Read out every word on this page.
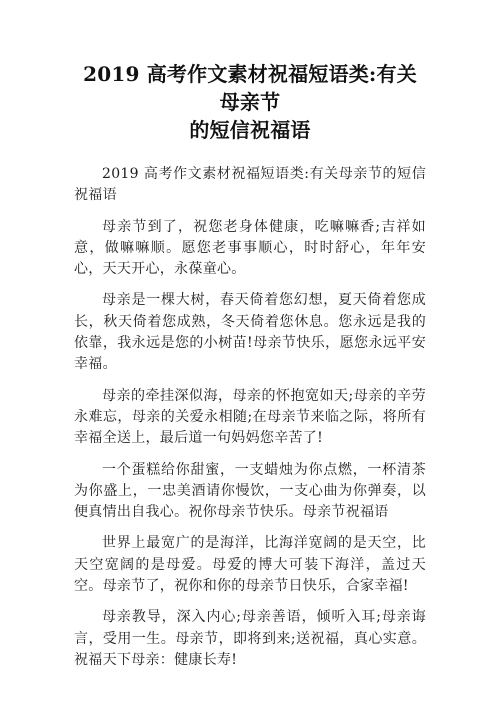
2019 高考作文素材祝福短语类:有关母亲节
的短信祝福语

2019 高考作文素材祝福短语类:有关母亲节的短信祝福语

母亲节到了，祝您老身体健康，吃嘛嘛香;吉祥如意，做嘛嘛顺。愿您老事事顺心，时时舒心，年年安心，天天开心，永葆童心。

母亲是一棵大树，春天倚着您幻想，夏天倚着您成长，秋天倚着您成熟，冬天倚着您休息。您永远是我的依靠，我永远是您的小树苗!母亲节快乐，愿您永远平安幸福。

母亲的牵挂深似海，母亲的怀抱宽如天;母亲的辛劳永难忘，母亲的关爱永相随;在母亲节来临之际，将所有幸福全送上，最后道一句妈妈您辛苦了!

一个蛋糕给你甜蜜，一支蜡烛为你点燃，一杯清茶为你盛上，一忠美酒请你慢饮，一支心曲为你弹奏，以便真情出自我心。祝你母亲节快乐。母亲节祝福语

世界上最宽广的是海洋，比海洋宽阔的是天空，比天空宽阔的是母爱。母爱的博大可装下海洋，盖过天空。母亲节了，祝你和你的母亲节日快乐，合家幸福!

母亲教导，深入内心;母亲善语，倾听入耳;母亲诲言，受用一生。母亲节，即将到来;送祝福，真心实意。祝福天下母亲：健康长寿!
